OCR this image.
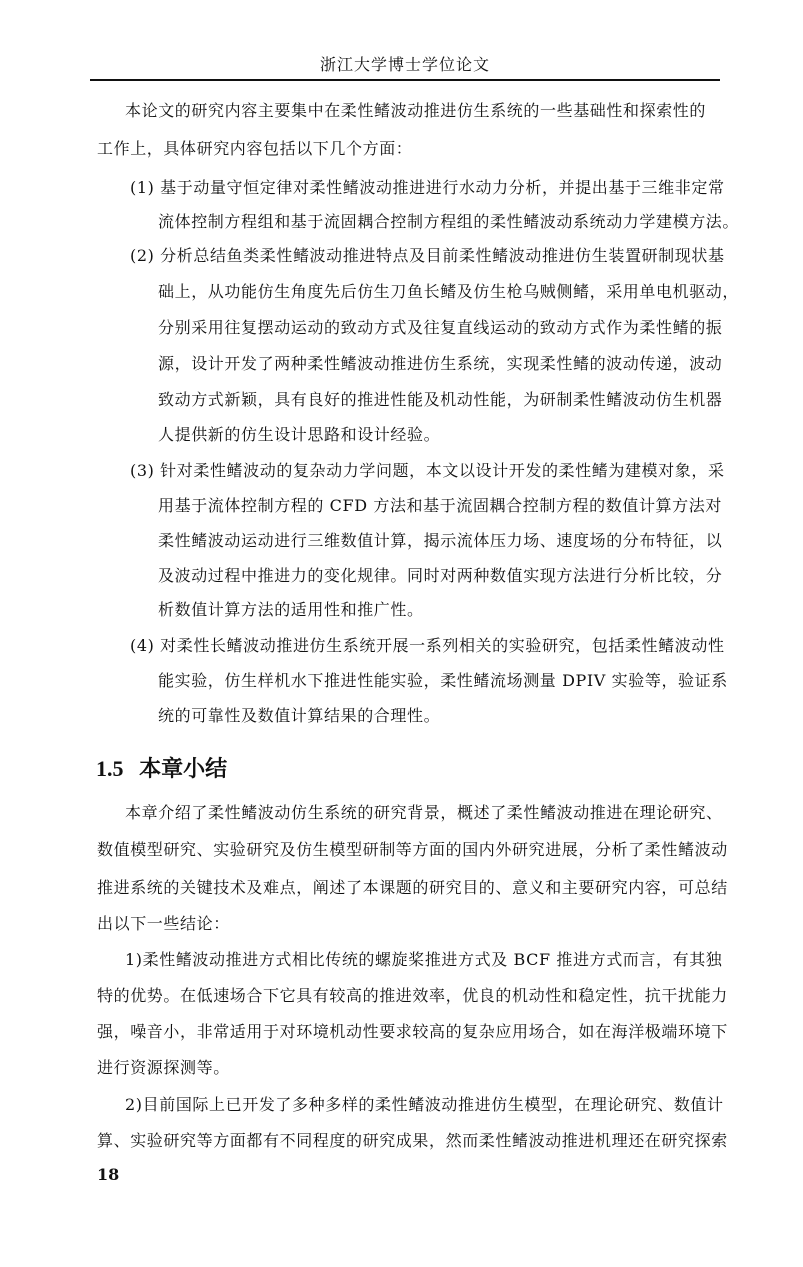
浙江大学博士学位论文
本论文的研究内容主要集中在柔性鳍波动推进仿生系统的一些基础性和探索性的
工作上，具体研究内容包括以下几个方面：
(1) 基于动量守恒定律对柔性鳍波动推进进行水动力分析，并提出基于三维非定常
流体控制方程组和基于流固耦合控制方程组的柔性鳍波动系统动力学建模方法。
(2) 分析总结鱼类柔性鳍波动推进特点及目前柔性鳍波动推进仿生装置研制现状基
础上，从功能仿生角度先后仿生刀鱼长鳍及仿生枪乌贼侧鳍，采用单电机驱动，
分别采用往复摆动运动的致动方式及往复直线运动的致动方式作为柔性鳍的振
源，设计开发了两种柔性鳍波动推进仿生系统，实现柔性鳍的波动传递，波动
致动方式新颖，具有良好的推进性能及机动性能，为研制柔性鳍波动仿生机器
人提供新的仿生设计思路和设计经验。
(3) 针对柔性鳍波动的复杂动力学问题，本文以设计开发的柔性鳍为建模对象，采
用基于流体控制方程的 CFD 方法和基于流固耦合控制方程的数值计算方法对
柔性鳍波动运动进行三维数值计算，揭示流体压力场、速度场的分布特征，以
及波动过程中推进力的变化规律。同时对两种数值实现方法进行分析比较，分
析数值计算方法的适用性和推广性。
(4) 对柔性长鳍波动推进仿生系统开展一系列相关的实验研究，包括柔性鳍波动性
能实验，仿生样机水下推进性能实验，柔性鳍流场测量 DPIV 实验等，验证系
统的可靠性及数值计算结果的合理性。
1.5 本章小结
本章介绍了柔性鳍波动仿生系统的研究背景，概述了柔性鳍波动推进在理论研究、
数值模型研究、实验研究及仿生模型研制等方面的国内外研究进展，分析了柔性鳍波动
推进系统的关键技术及难点，阐述了本课题的研究目的、意义和主要研究内容，可总结
出以下一些结论：
1)柔性鳍波动推进方式相比传统的螺旋桨推进方式及 BCF 推进方式而言，有其独
特的优势。在低速场合下它具有较高的推进效率，优良的机动性和稳定性，抗干扰能力
强，噪音小，非常适用于对环境机动性要求较高的复杂应用场合，如在海洋极端环境下
进行资源探测等。
2)目前国际上已开发了多种多样的柔性鳍波动推进仿生模型，在理论研究、数值计
算、实验研究等方面都有不同程度的研究成果，然而柔性鳍波动推进机理还在研究探索
18
